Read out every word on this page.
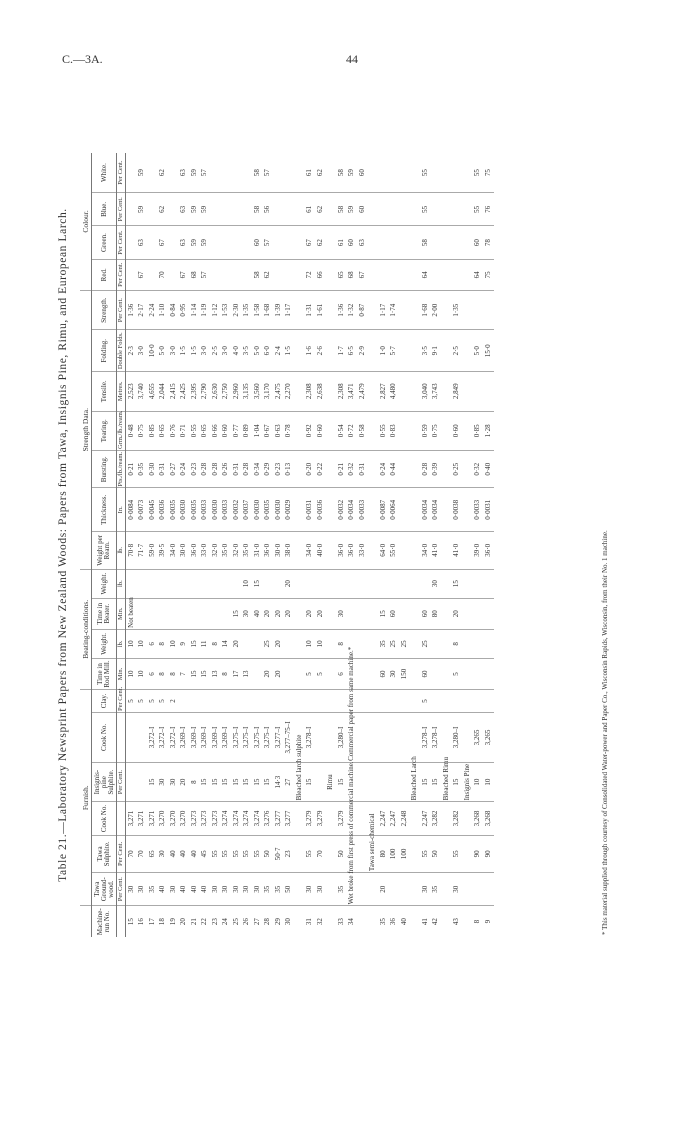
C.—3A.	44
Table 21.—Laboratory Newsprint Papers from New Zealand Woods: Papers from Tawa, Insignis Pine, Rimu, and European Larch.
	Furnish.						Beating-conditions.				Strength Data.							Colour.			
Machine-run No.	Tawa Ground-wood.	Tawa Sulphite.	Cook No.	Insignis-pine Sulphite.	Cook No.	Clay.	Time in Rod Mill.	Weight.	Time in Beater.	Weight.	Weight per Ream.	Thickness.	Bursting.	Tearing.	Tensile.	Folding.	Strength.	Red.	Green.	Blue.	White.
	Per Cent.	Per Cent.		Per Cent.		Per Cent.	Min.	lb.	Min.	lb.	lb.	In.	Pts./lb./ream.	Grm./lb./ream.	Metres.	Double Folds.	Per Cent.	Per Cent.	Per Cent.	Per Cent.	Per Cent.
15	30	70	3,271			5	10	10	Not beaten		70·8	0·0084	0·21	0·48	2,523	2·3	1·36				
16	30	70	3,271			5	10	10			71·7	0·0073	0·35	0·75	3,740	3·0	2·17	67	63	59	59
17	35	65	3,271	15	3,272–I	5	6	6			59·0	0·0045	0·30	0·85	4,655	10·0	2·24				
18	40	30	3,270	30	3,272–I	5	8	8			39·5	0·0036	0·31	0·65	2,044	5·0	1·10	70	67	62	62
19	30	40	3,270	30	3,272–I	2	8	10			34·0	0·0035	0·27	0·76	2,415	3·0	0·84				
20	40	40	3,270	20	3,269–I		7	9			30·0	0·0030	0·24	0·71	2,425	1·5	0·95	67	63	63	63
21	40	40	3,273	8	3,269–I		15	15			36·0	0·0035	0·23	0·55	2,395	1·5	1·14	68	59	59	59
22	40	45	3,273	15	3,269–I		15	11			33·0	0·0033	0·28	0·65	2,790	3·0	1·19	57	59	59	57
23	30	55	3,273	15	3,269–I		13	8			32·0	0·0030	0·28	0·66	2,630	2·5	1·12				
24	30	55	3,274	15	3,269–I		8	14			35·0	0·0033	0·26	0·60	2,750	3·0	1·53				
25	30	55	3,274	15	3,275–I		17	20	15		32·0	0·0032	0·31	0·77	2,960	4·0	2·30				
26	30	55	3,274	15	3,275–I		13		30	10	35·0	0·0037	0·28	0·89	3,135	3·5	1·35				
27	30	55	3,274	15	3,275–I				40	15	31·0	0·0030	0·34	1·04	3,560	5·0	1·58	58	60	58	58
28	35	50	3,276	15	3,275–I		20	25	20		36·0	0·0035	0·29	0·67	3,170	6·0	1·68	62	57	56	57
29	35	50·7	3,277	14·3	3,277–I		20	20	20		30·0	0·0030	0·23	0·63	2,475	2·4	1·39				
30	50	23	3,277	27	3,277–75–I				20	20	38·0	0·0029	0·13	0·78	2,270	1·5	1·17				
				Bleached larch sulphite																	
31	30	55	3,279	15	3,278–I		5	10	20		34·0	0·0031	0·20	0·92	2,308	1·6	1·31	72	67	61	61
32	30	70	3,279				5	10	20		40·0	0·0036	0·22	0·60	2,638	2·6	1·61	66	62	62	62
				Rimu																	
33	35	50	3,279	15	3,280–I		6	8	30		36·0	0·0032	0·21	0·54	2,308	1·7	1·36	65	61	58	58
34	Wet broke from first press of commercial machine.				Commercial paper from same machine.*						36·0	0·0034	0·32	0·72	3,471	6·5	1·32	68	60	59	59
											33·0	0·0033	0·31	0·58	2,479	2·9	0·87	67	63	60	60
		Tawa semi-chemical																			
35	20	80	2,247				60	35	15		64·0	0·0087	0·24	0·55	2,827	1·0	1·17				
36		100	2,247				30	25	60		55·0	0·0064	0·44	0·83	4,480	5·7	1·74				
40		100	2,248				150	25													
				Bleached Larch																	
41	30	55	2,247	15	3,278–I	5	60	25	60		34·0	0·0034	0·28	0·59	3,040	3·5	1·68	64	58	55	55
42	35	50	3,282	15	3,278–I				80	30	41·0	0·0034	0·39	0·75	3,743	9·1	2·00				
				Bleached Rimu																	
43	30	55	3,282	15	3,280–I		5	8	20	15	41·0	0·0038	0·25	0·60	2,849	2·5	1·35				
				Insignis Pine																	
8		90	3,268	10	3,265						39·0	0·0033	0·32	0·85		5·0		64	60	55	55
9		90	3,268	10	3,265						36·0	0·0031	0·40	1·28		15·0		75	78	76	75
* This material supplied through courtesy of Consolidated Water-power and Paper Co., Wisconsin Rapids, Wisconsin, from their No. 1 machine.
